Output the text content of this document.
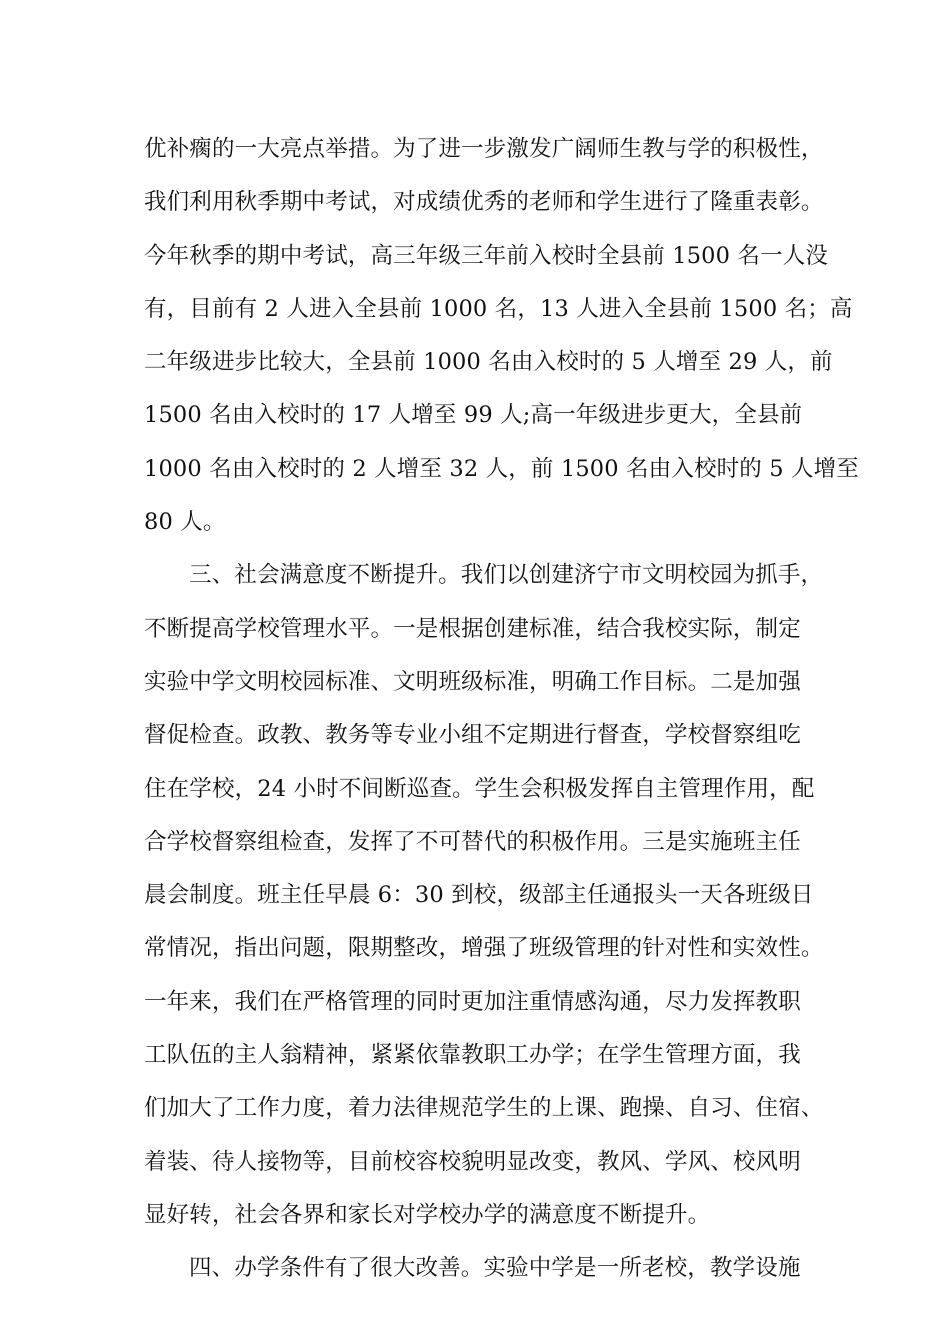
优补瘸的一大亮点举措。为了进一步激发广阔师生教与学的积极性，
我们利用秋季期中考试，对成绩优秀的老师和学生进行了隆重表彰。
今年秋季的期中考试，高三年级三年前入校时全县前 1500 名一人没
有，目前有 2 人进入全县前 1000 名，13 人进入全县前 1500 名；高
二年级进步比较大，全县前 1000 名由入校时的 5 人增至 29 人，前
1500 名由入校时的 17 人增至 99 人;高一年级进步更大，全县前
1000 名由入校时的 2 人增至 32 人，前 1500 名由入校时的 5 人增至
80 人。
三、社会满意度不断提升。我们以创建济宁市文明校园为抓手，
不断提高学校管理水平。一是根据创建标准，结合我校实际，制定
实验中学文明校园标准、文明班级标准，明确工作目标。二是加强
督促检查。政教、教务等专业小组不定期进行督查，学校督察组吃
住在学校，24 小时不间断巡查。学生会积极发挥自主管理作用，配
合学校督察组检查，发挥了不可替代的积极作用。三是实施班主任
晨会制度。班主任早晨 6：30 到校，级部主任通报头一天各班级日
常情况，指出问题，限期整改，增强了班级管理的针对性和实效性。
一年来，我们在严格管理的同时更加注重情感沟通，尽力发挥教职
工队伍的主人翁精神，紧紧依靠教职工办学；在学生管理方面，我
们加大了工作力度，着力法律规范学生的上课、跑操、自习、住宿、
着装、待人接物等，目前校容校貌明显改变，教风、学风、校风明
显好转，社会各界和家长对学校办学的满意度不断提升。
四、办学条件有了很大改善。实验中学是一所老校，教学设施
